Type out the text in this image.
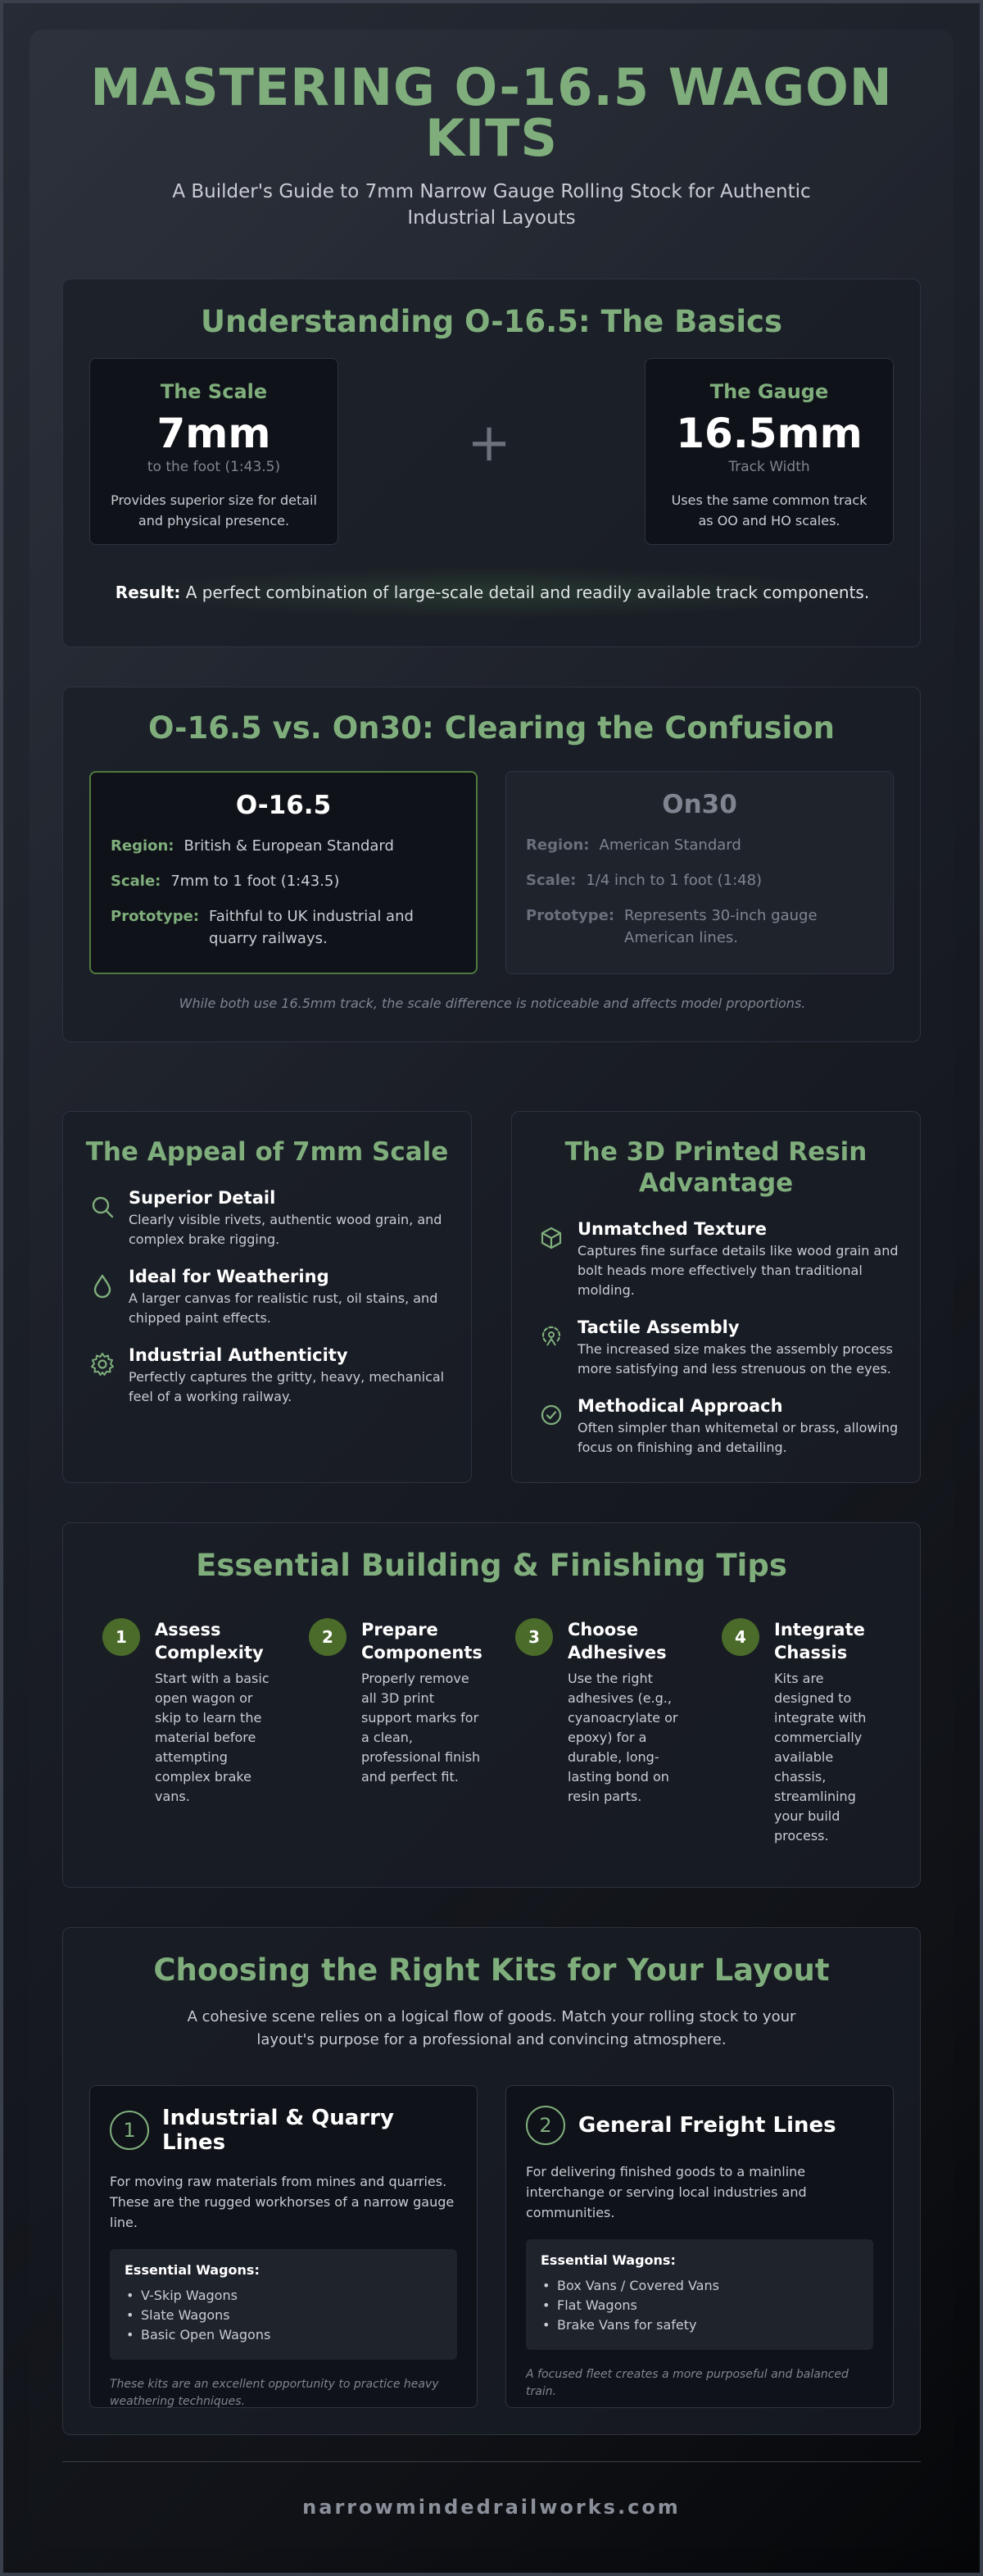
MASTERING O-16.5 WAGON KITS

A Builder's Guide to 7mm Narrow Gauge Rolling Stock for Authentic Industrial Layouts

Understanding O-16.5: The Basics
The Scale
7mm
to the foot (1:43.5)
Provides superior size for detail and physical presence.
+
The Gauge
16.5mm
Track Width
Uses the same common track as OO and HO scales.
Result: A perfect combination of large-scale detail and readily available track components.
O-16.5 vs. On30: Clearing the Confusion
O-16.5
Region: British & European Standard
Scale: 7mm to 1 foot (1:43.5)
Prototype: Faithful to UK industrial and quarry railways.
On30
Region: American Standard
Scale: 1/4 inch to 1 foot (1:48)
Prototype: Represents 30-inch gauge American lines.
While both use 16.5mm track, the scale difference is noticeable and affects model proportions.
The Appeal of 7mm Scale
Superior Detail
Clearly visible rivets, authentic wood grain, and complex brake rigging.
Ideal for Weathering
A larger canvas for realistic rust, oil stains, and chipped paint effects.
Industrial Authenticity
Perfectly captures the gritty, heavy, mechanical feel of a working railway.
The 3D Printed Resin Advantage
Unmatched Texture
Captures fine surface details like wood grain and bolt heads more effectively than traditional molding.
Tactile Assembly
The increased size makes the assembly process more satisfying and less strenuous on the eyes.
Methodical Approach
Often simpler than whitemetal or brass, allowing focus on finishing and detailing.
Essential Building & Finishing Tips
1	Assess Complexity
Start with a basic open wagon or skip to learn the material before attempting complex brake vans.
2	Prepare Components
Properly remove all 3D print support marks for a clean, professional finish and perfect fit.
3	Choose Adhesives
Use the right adhesives (e.g., cyanoacrylate or epoxy) for a durable, long-lasting bond on resin parts.
4	Integrate Chassis
Kits are designed to integrate with commercially available chassis, streamlining your build process.
Choosing the Right Kits for Your Layout
A cohesive scene relies on a logical flow of goods. Match your rolling stock to your layout's purpose for a professional and convincing atmosphere.
1	Industrial & Quarry Lines
For moving raw materials from mines and quarries. These are the rugged workhorses of a narrow gauge line.
Essential Wagons:
• V-Skip Wagons
• Slate Wagons
• Basic Open Wagons
These kits are an excellent opportunity to practice heavy weathering techniques.
2	General Freight Lines
For delivering finished goods to a mainline interchange or serving local industries and communities.
Essential Wagons:
• Box Vans / Covered Vans
• Flat Wagons
• Brake Vans for safety
A focused fleet creates a more purposeful and balanced train.
narrowmindedrailworks.com
